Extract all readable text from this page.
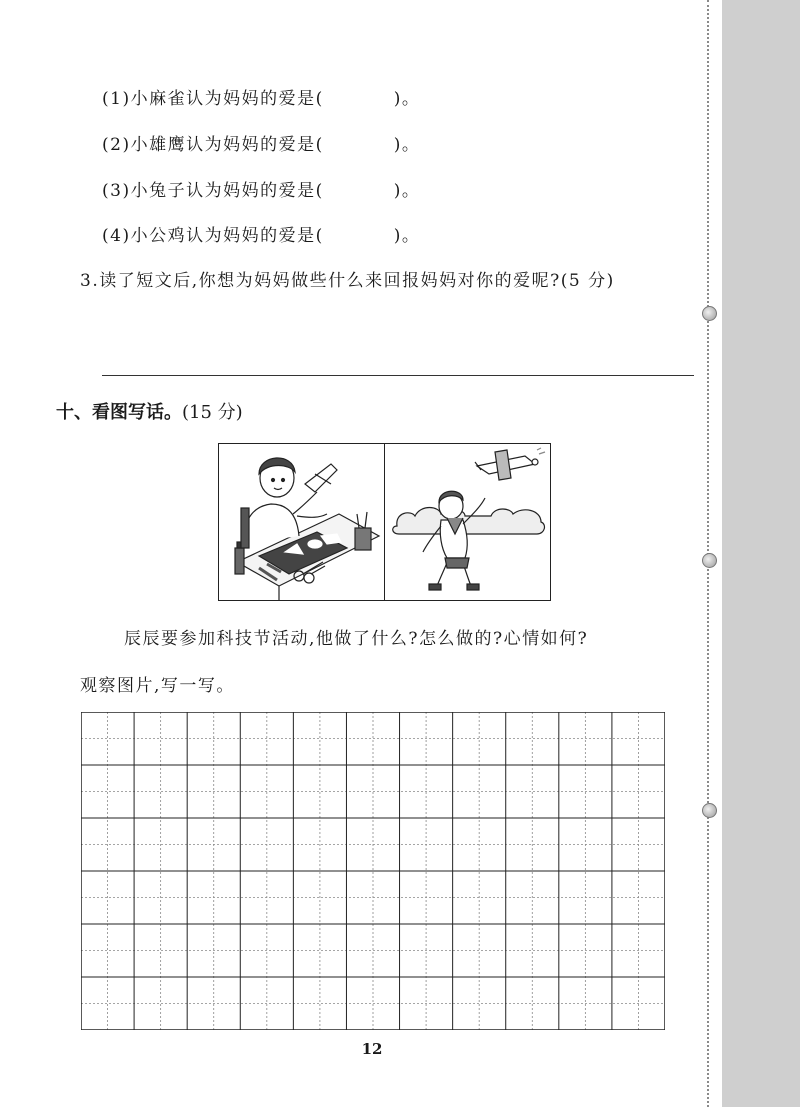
(1)小麻雀认为妈妈的爱是(	)。
(2)小雄鹰认为妈妈的爱是(	)。
(3)小兔子认为妈妈的爱是(	)。
(4)小公鸡认为妈妈的爱是(	)。
3.读了短文后,你想为妈妈做些什么来回报妈妈对你的爱呢?(5 分)
十、看图写话。(15 分)
辰辰要参加科技节活动,他做了什么?怎么做的?心情如何?
观察图片,写一写。
12
